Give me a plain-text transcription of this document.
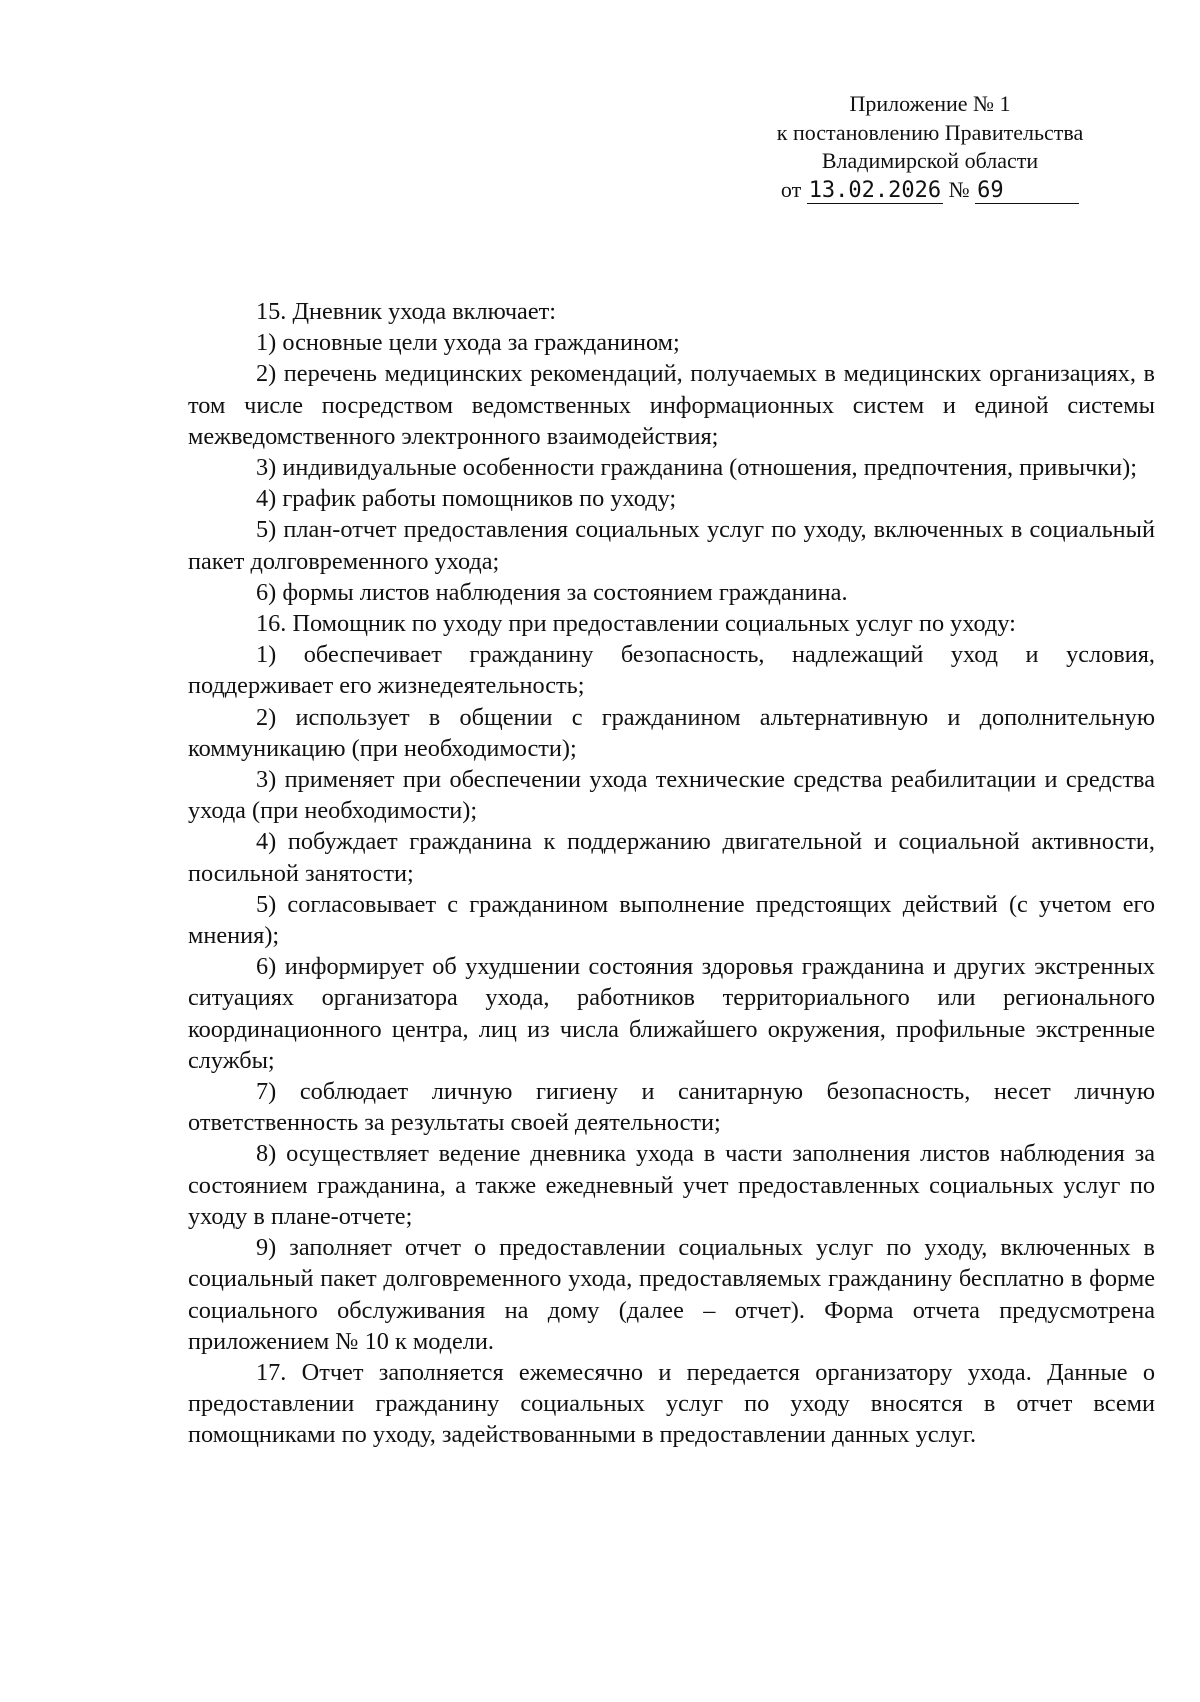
Приложение № 1
к постановлению Правительства
Владимирской области
от 13.02.2026 № 69

15. Дневник ухода включает:

1) основные цели ухода за гражданином;

2) перечень медицинских рекомендаций, получаемых в медицинских организациях, в том числе посредством ведомственных информационных систем и единой системы межведомственного электронного взаимодействия;

3) индивидуальные особенности гражданина (отношения, предпочтения, привычки);

4) график работы помощников по уходу;

5) план-отчет предоставления социальных услуг по уходу, включенных в социальный пакет долговременного ухода;

6) формы листов наблюдения за состоянием гражданина.

16. Помощник по уходу при предоставлении социальных услуг по уходу:

1) обеспечивает гражданину безопасность, надлежащий уход и условия, поддерживает его жизнедеятельность;

2) использует в общении с гражданином альтернативную и дополнительную коммуникацию (при необходимости);

3) применяет при обеспечении ухода технические средства реабилитации и средства ухода (при необходимости);

4) побуждает гражданина к поддержанию двигательной и социальной активности, посильной занятости;

5) согласовывает с гражданином выполнение предстоящих действий (с учетом его мнения);

6) информирует об ухудшении состояния здоровья гражданина и других экстренных ситуациях организатора ухода, работников территориального или регионального координационного центра, лиц из числа ближайшего окружения, профильные экстренные службы;

7) соблюдает личную гигиену и санитарную безопасность, несет личную ответственность за результаты своей деятельности;

8) осуществляет ведение дневника ухода в части заполнения листов наблюдения за состоянием гражданина, а также ежедневный учет предоставленных социальных услуг по уходу в плане-отчете;

9) заполняет отчет о предоставлении социальных услуг по уходу, включенных в социальный пакет долговременного ухода, предоставляемых гражданину бесплатно в форме социального обслуживания на дому (далее – отчет). Форма отчета предусмотрена приложением № 10 к модели.

17. Отчет заполняется ежемесячно и передается организатору ухода. Данные о предоставлении гражданину социальных услуг по уходу вносятся в отчет всеми помощниками по уходу, задействованными в предоставлении данных услуг.
